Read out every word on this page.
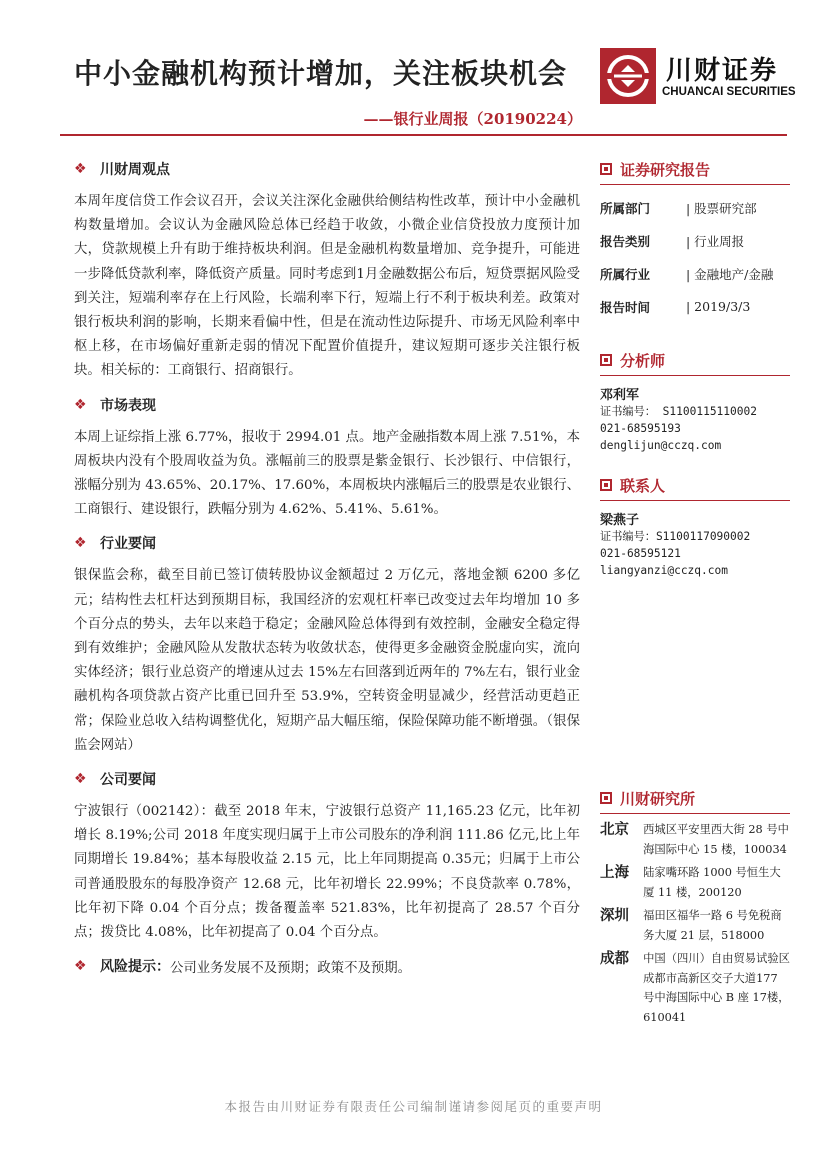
中小金融机构预计增加，关注板块机会
——银行业周报（20190224）
川财证券
CHUANCAI SECURITIES
❖ 川财周观点

本周年度信贷工作会议召开，会议关注深化金融供给侧结构性改革，预计中小金融机构数量增加。会议认为金融风险总体已经趋于收敛，小微企业信贷投放力度预计加大，贷款规模上升有助于维持板块利润。但是金融机构数量增加、竞争提升，可能进一步降低贷款利率，降低资产质量。同时考虑到1月金融数据公布后，短贷票据风险受到关注，短端利率存在上行风险，长端利率下行，短端上行不利于板块利差。政策对银行板块利润的影响，长期来看偏中性，但是在流动性边际提升、市场无风险利率中枢上移，在市场偏好重新走弱的情况下配置价值提升，建议短期可逐步关注银行板块。相关标的：工商银行、招商银行。

❖ 市场表现

本周上证综指上涨 6.77%，报收于 2994.01 点。地产金融指数本周上涨 7.51%，本周板块内没有个股周收益为负。涨幅前三的股票是紫金银行、长沙银行、中信银行，涨幅分别为 43.65%、20.17%、17.60%，本周板块内涨幅后三的股票是农业银行、工商银行、建设银行，跌幅分别为 4.62%、5.41%、5.61%。

❖ 行业要闻

银保监会称，截至目前已签订债转股协议金额超过 2 万亿元，落地金额 6200 多亿元；结构性去杠杆达到预期目标，我国经济的宏观杠杆率已改变过去年均增加 10 多个百分点的势头，去年以来趋于稳定；金融风险总体得到有效控制，金融安全稳定得到有效维护；金融风险从发散状态转为收敛状态，使得更多金融资金脱虚向实，流向实体经济；银行业总资产的增速从过去 15%左右回落到近两年的 7%左右，银行业金融机构各项贷款占资产比重已回升至 53.9%，空转资金明显减少，经营活动更趋正常；保险业总收入结构调整优化，短期产品大幅压缩，保险保障功能不断增强。（银保监会网站）

❖ 公司要闻

宁波银行（002142）：截至 2018 年末，宁波银行总资产 11,165.23 亿元，比年初增长 8.19%;公司 2018 年度实现归属于上市公司股东的净利润 111.86 亿元,比上年同期增长 19.84%；基本每股收益 2.15 元，比上年同期提高 0.35元；归属于上市公司普通股股东的每股净资产 12.68 元，比年初增长 22.99%；不良贷款率 0.78%，比年初下降 0.04 个百分点；拨备覆盖率 521.83%，比年初提高了 28.57 个百分点；拨贷比 4.08%，比年初提高了 0.04 个百分点。

❖ 风险提示： 公司业务发展不及预期；政策不及预期。
证券研究报告
所属部门	| 股票研究部
报告类别	| 行业周报
所属行业	| 金融地产/金融
报告时间	| 2019/3/3
分析师
邓利军
证书编号： S1100115110002
021-68595193
denglijun@cczq.com
联系人
梁燕子
证书编号：S1100117090002
021-68595121
liangyanzi@cczq.com
川财研究所
北京	西城区平安里西大街 28 号中海国际中心 15 楼，100034
上海	陆家嘴环路 1000 号恒生大厦 11 楼，200120
深圳	福田区福华一路 6 号免税商务大厦 21 层，518000
成都	中国（四川）自由贸易试验区成都市高新区交子大道177 号中海国际中心 B 座 17楼，610041
本报告由川财证券有限责任公司编制谨请参阅尾页的重要声明
